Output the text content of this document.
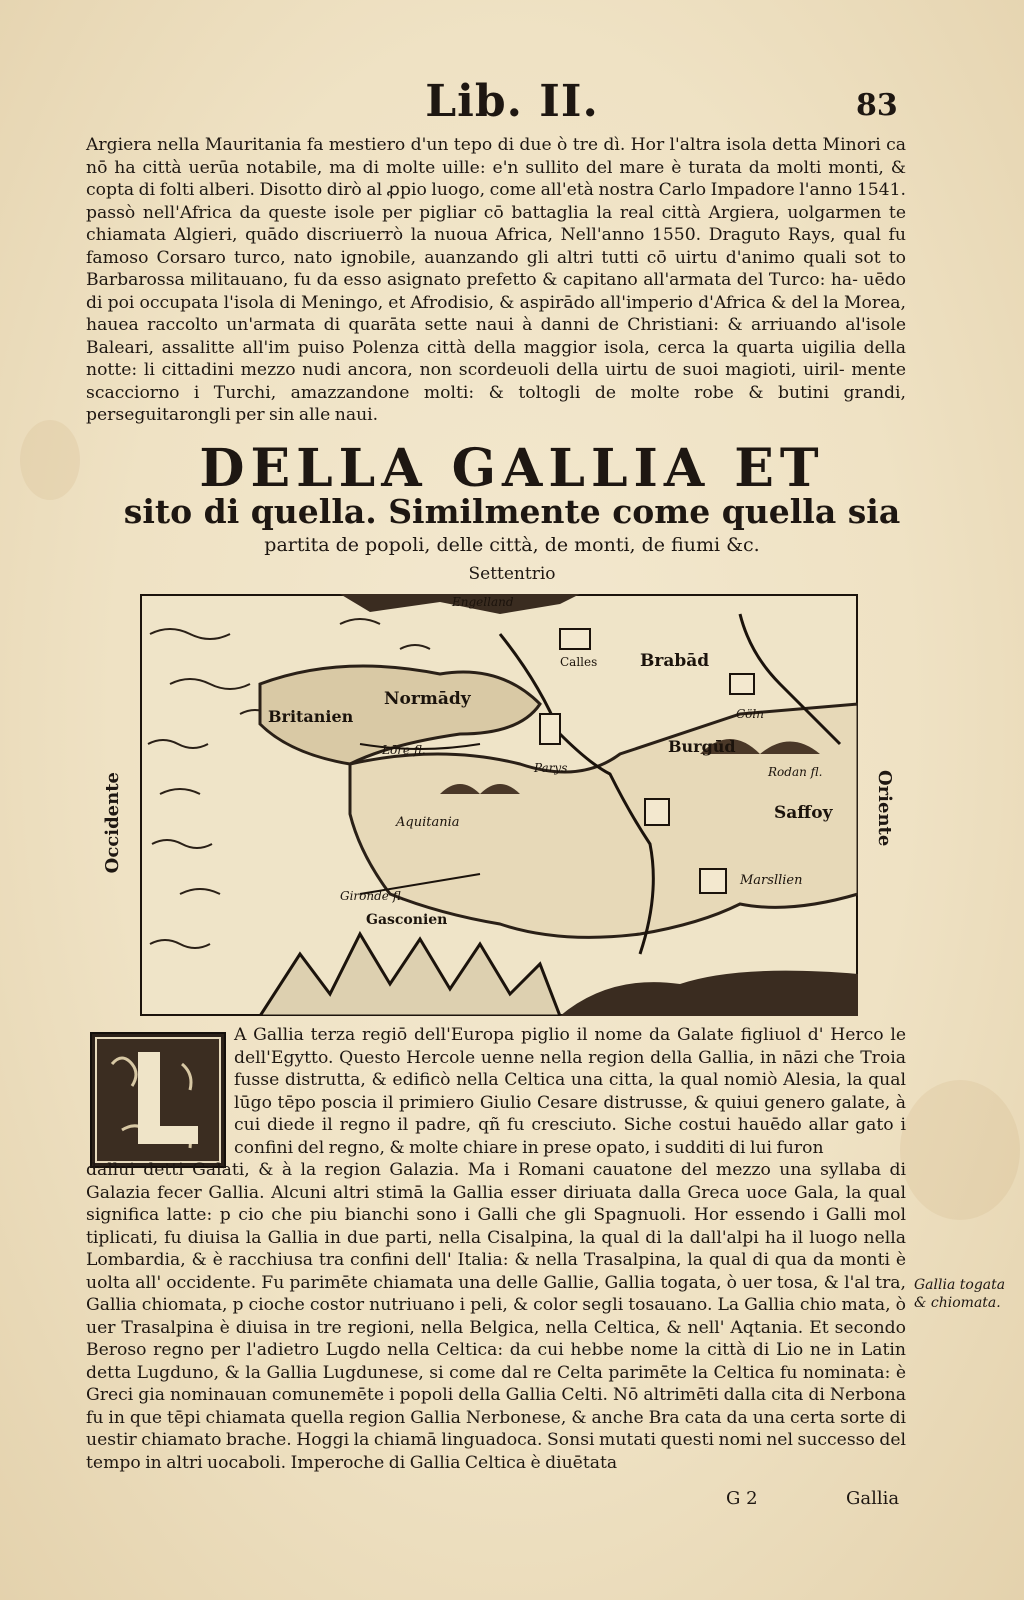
Lib. II.	83

Argiera nella Mauritania fa mestiero d'un tepo di due ò tre dì. Hor l'altra isola detta Minori ca nō ha città uerūa notabile, ma di molte uille: e'n sullito del mare è turata da molti monti, & copta di folti alberi. Disotto dirò al ꝓpio luogo, come all'età nostra Carlo Impadore l'anno 1541. passò nell'Africa da queste isole per pigliar cō battaglia la real città Argiera, uolgarmen te chiamata Algieri, quādo discriuerrò la nuoua Africa, Nell'anno 1550. Draguto Rays, qual fu famoso Corsaro turco, nato ignobile, auanzando gli altri tutti cō uirtu d'animo quali sot to Barbarossa militauano, fu da esso asignato prefetto & capitano all'armata del Turco: ha- uēdo di poi occupata l'isola di Meningo, et Afrodisio, & aspirādo all'imperio d'Africa & del la Morea, hauea raccolto un'armata di quarāta sette naui à danni de Christiani: & arriuando al'isole Baleari, assalitte all'im puiso Polenza città della maggior isola, cerca la quarta uigilia della notte: li cittadini mezzo nudi ancora, non scordeuoli della uirtu de suoi magioti, uiril- mente scacciorno i Turchi, amazzandone molti: & toltogli de molte robe & butini grandi, perseguitarongli per sin alle naui.

DELLA GALLIA ET

sito di quella. Similmente come quella sia

partita de popoli, delle città, de monti, de fiumi &c.

Settentrio
Occidente	Oriente
Engelland
Calles	Brabād
Normādy
Britanien	Cöln
Lōre fl.
Parys
Burgūd
Rodan fl.
Aquitania	Saffoy
Marsllien
Gironde fl.
Gasconien

A Gallia terza regiō dell'Europa piglio il nome da Galate figliuol d' Herco le dell'Egytto. Questo Hercole uenne nella region della Gallia, in nāzi che Troia fusse distrutta, & edificò nella Celtica una citta, la qual nomiò Alesia, la qual lūgo tēpo poscia il primiero Giulio Cesare distrusse, & quiui genero galate, à cui diede il regno il padre, qñ fu cresciuto. Siche costui hauēdo allar gato i confini del regno, & molte chiare in prese opato, i sudditi di lui furon

dallui detti Galati, & à la region Galazia. Ma i Romani cauatone del mezzo una syllaba di Galazia fecer Gallia. Alcuni altri stimā la Gallia esser diriuata dalla Greca uoce Gala, la qual significa latte: p cio che piu bianchi sono i Galli che gli Spagnuoli. Hor essendo i Galli mol tiplicati, fu diuisa la Gallia in due parti, nella Cisalpina, la qual di la dall'alpi ha il luogo nella Lombardia, & è racchiusa tra confini dell' Italia: & nella Trasalpina, la qual di qua da monti è uolta all' occidente. Fu parimēte chiamata una delle Gallie, Gallia togata, ò uer tosa, & l'al tra, Gallia chiomata, p cioche costor nutriuano i peli, & color segli tosauano. La Gallia chio mata, ò uer Trasalpina è diuisa in tre regioni, nella Belgica, nella Celtica, & nell' Aqtania. Et secondo Beroso regno per l'adietro Lugdo nella Celtica: da cui hebbe nome la città di Lio ne in Latin detta Lugduno, & la Gallia Lugdunese, si come dal re Celta parimēte la Celtica fu nominata: è Greci gia nominauan comunemēte i popoli della Gallia Celti. Nō altrimēti dalla cita di Nerbona fu in que tēpi chiamata quella region Gallia Nerbonese, & anche Bra cata da una certa sorte di uestir chiamato brache. Hoggi la chiamā linguadoca. Sonsi mutati questi nomi nel successo del tempo in altri uocaboli. Imperoche di Gallia Celtica è diuētata

Gallia togata
& chiomata.
G 2	Gallia
